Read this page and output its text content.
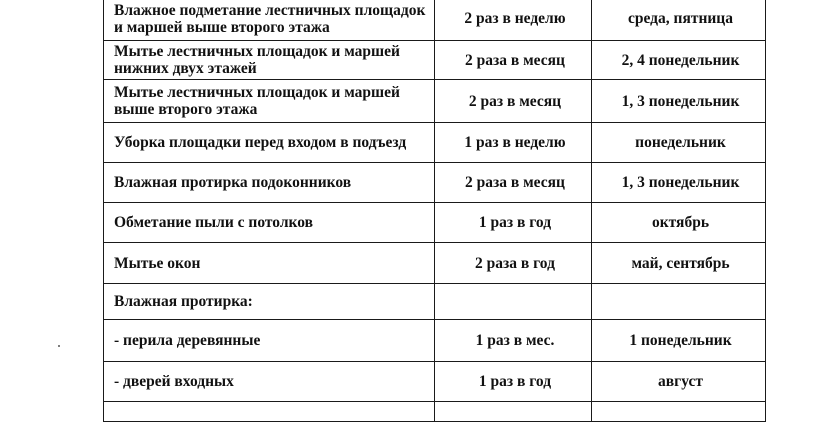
Влажное подметание лестничных площадок и маршей выше второго этажа	2 раз в неделю	среда, пятница
Мытье лестничных площадок и маршей нижних двух этажей	2 раза в месяц	2, 4 понедельник
Мытье лестничных площадок и маршей выше второго этажа	2 раз в месяц	1, 3 понедельник
Уборка площадки перед входом в подъезд	1 раз в неделю	понедельник
Влажная протирка подоконников	2 раза в месяц	1, 3 понедельник
Обметание пыли с потолков	1 раз в год	октябрь
Мытье окон	2 раза в год	май, сентябрь
Влажная протирка:		
- перила деревянные	1 раз в мес.	1 понедельник
- дверей входных	1 раз в год	август
